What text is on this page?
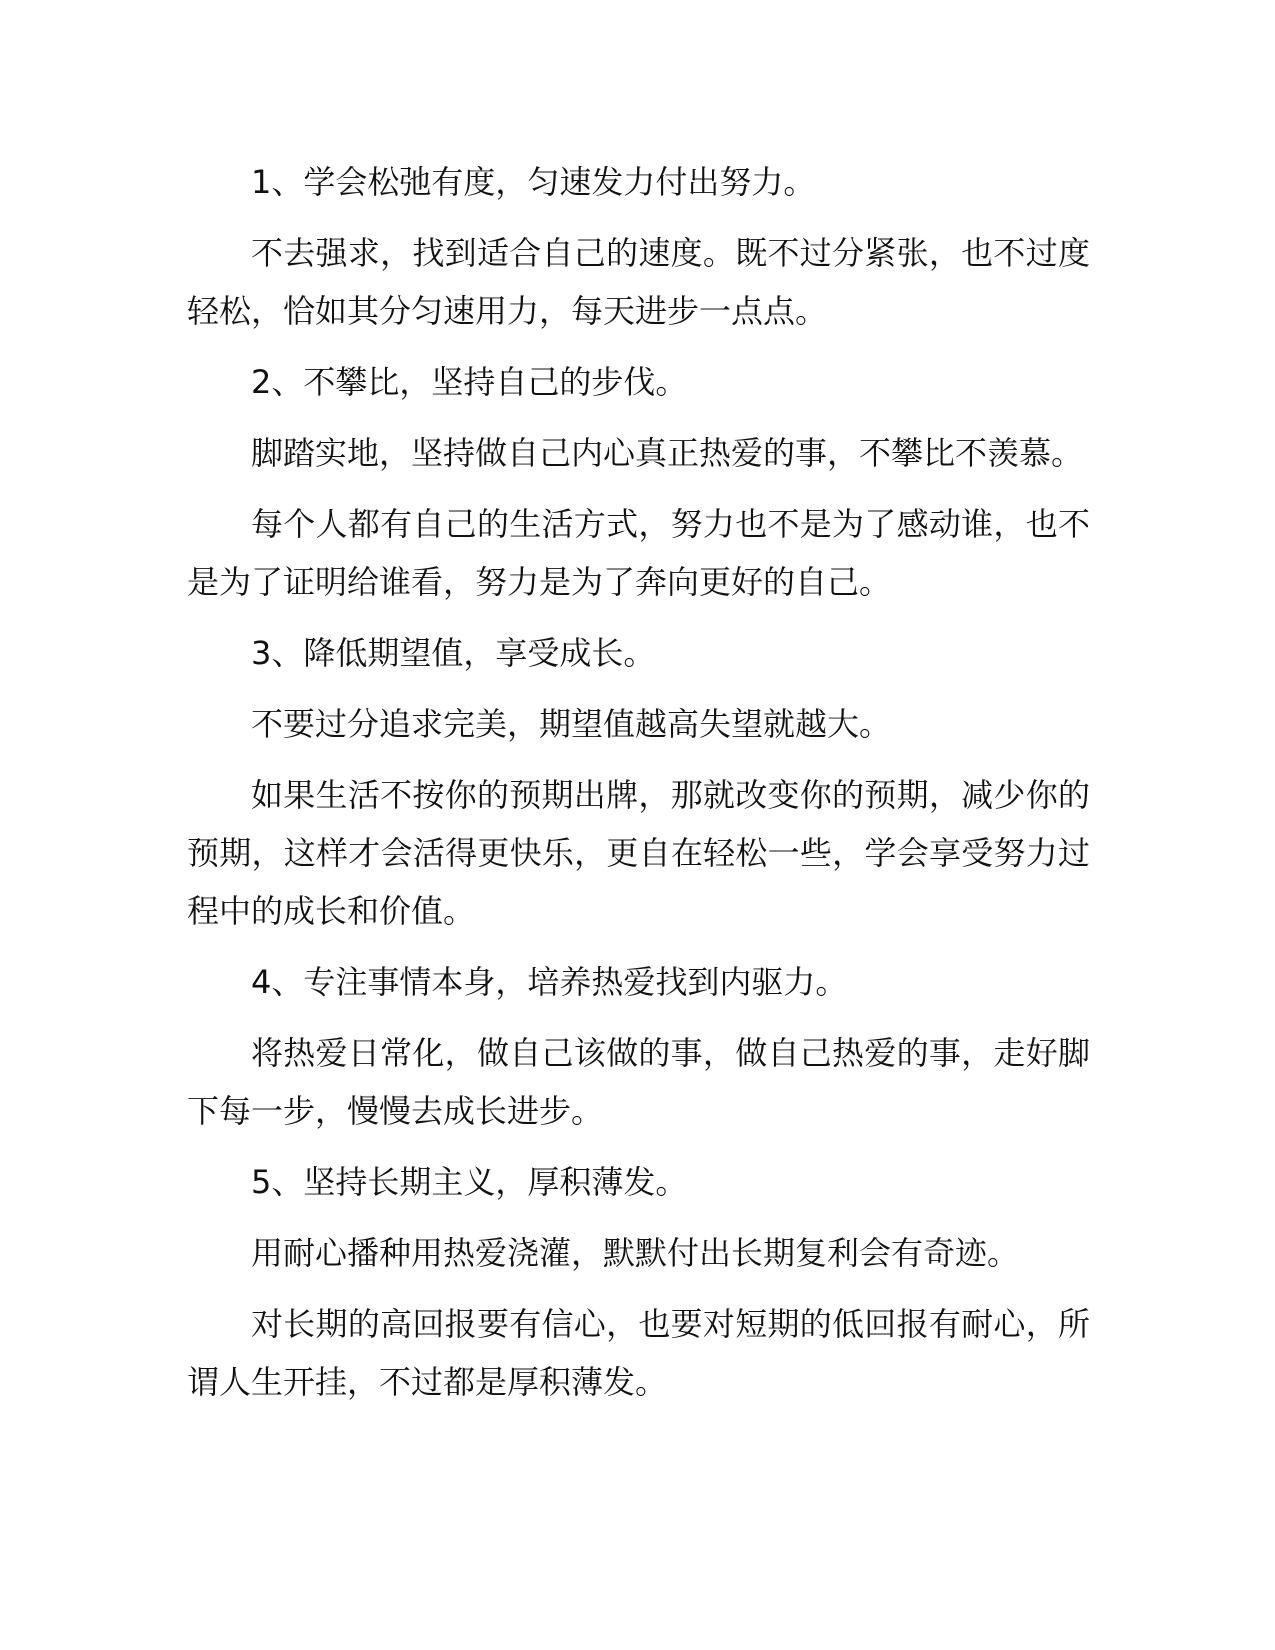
1、学会松弛有度，匀速发力付出努力。

不去强求，找到适合自己的速度。既不过分紧张，也不过度轻松，恰如其分匀速用力，每天进步一点点。

2、不攀比，坚持自己的步伐。

脚踏实地，坚持做自己内心真正热爱的事，不攀比不羡慕。

每个人都有自己的生活方式，努力也不是为了感动谁，也不是为了证明给谁看，努力是为了奔向更好的自己。

3、降低期望值，享受成长。

不要过分追求完美，期望值越高失望就越大。

如果生活不按你的预期出牌，那就改变你的预期，减少你的预期，这样才会活得更快乐，更自在轻松一些，学会享受努力过程中的成长和价值。

4、专注事情本身，培养热爱找到内驱力。

将热爱日常化，做自己该做的事，做自己热爱的事，走好脚下每一步，慢慢去成长进步。

5、坚持长期主义，厚积薄发。

用耐心播种用热爱浇灌，默默付出长期复利会有奇迹。

对长期的高回报要有信心，也要对短期的低回报有耐心，所谓人生开挂，不过都是厚积薄发。
